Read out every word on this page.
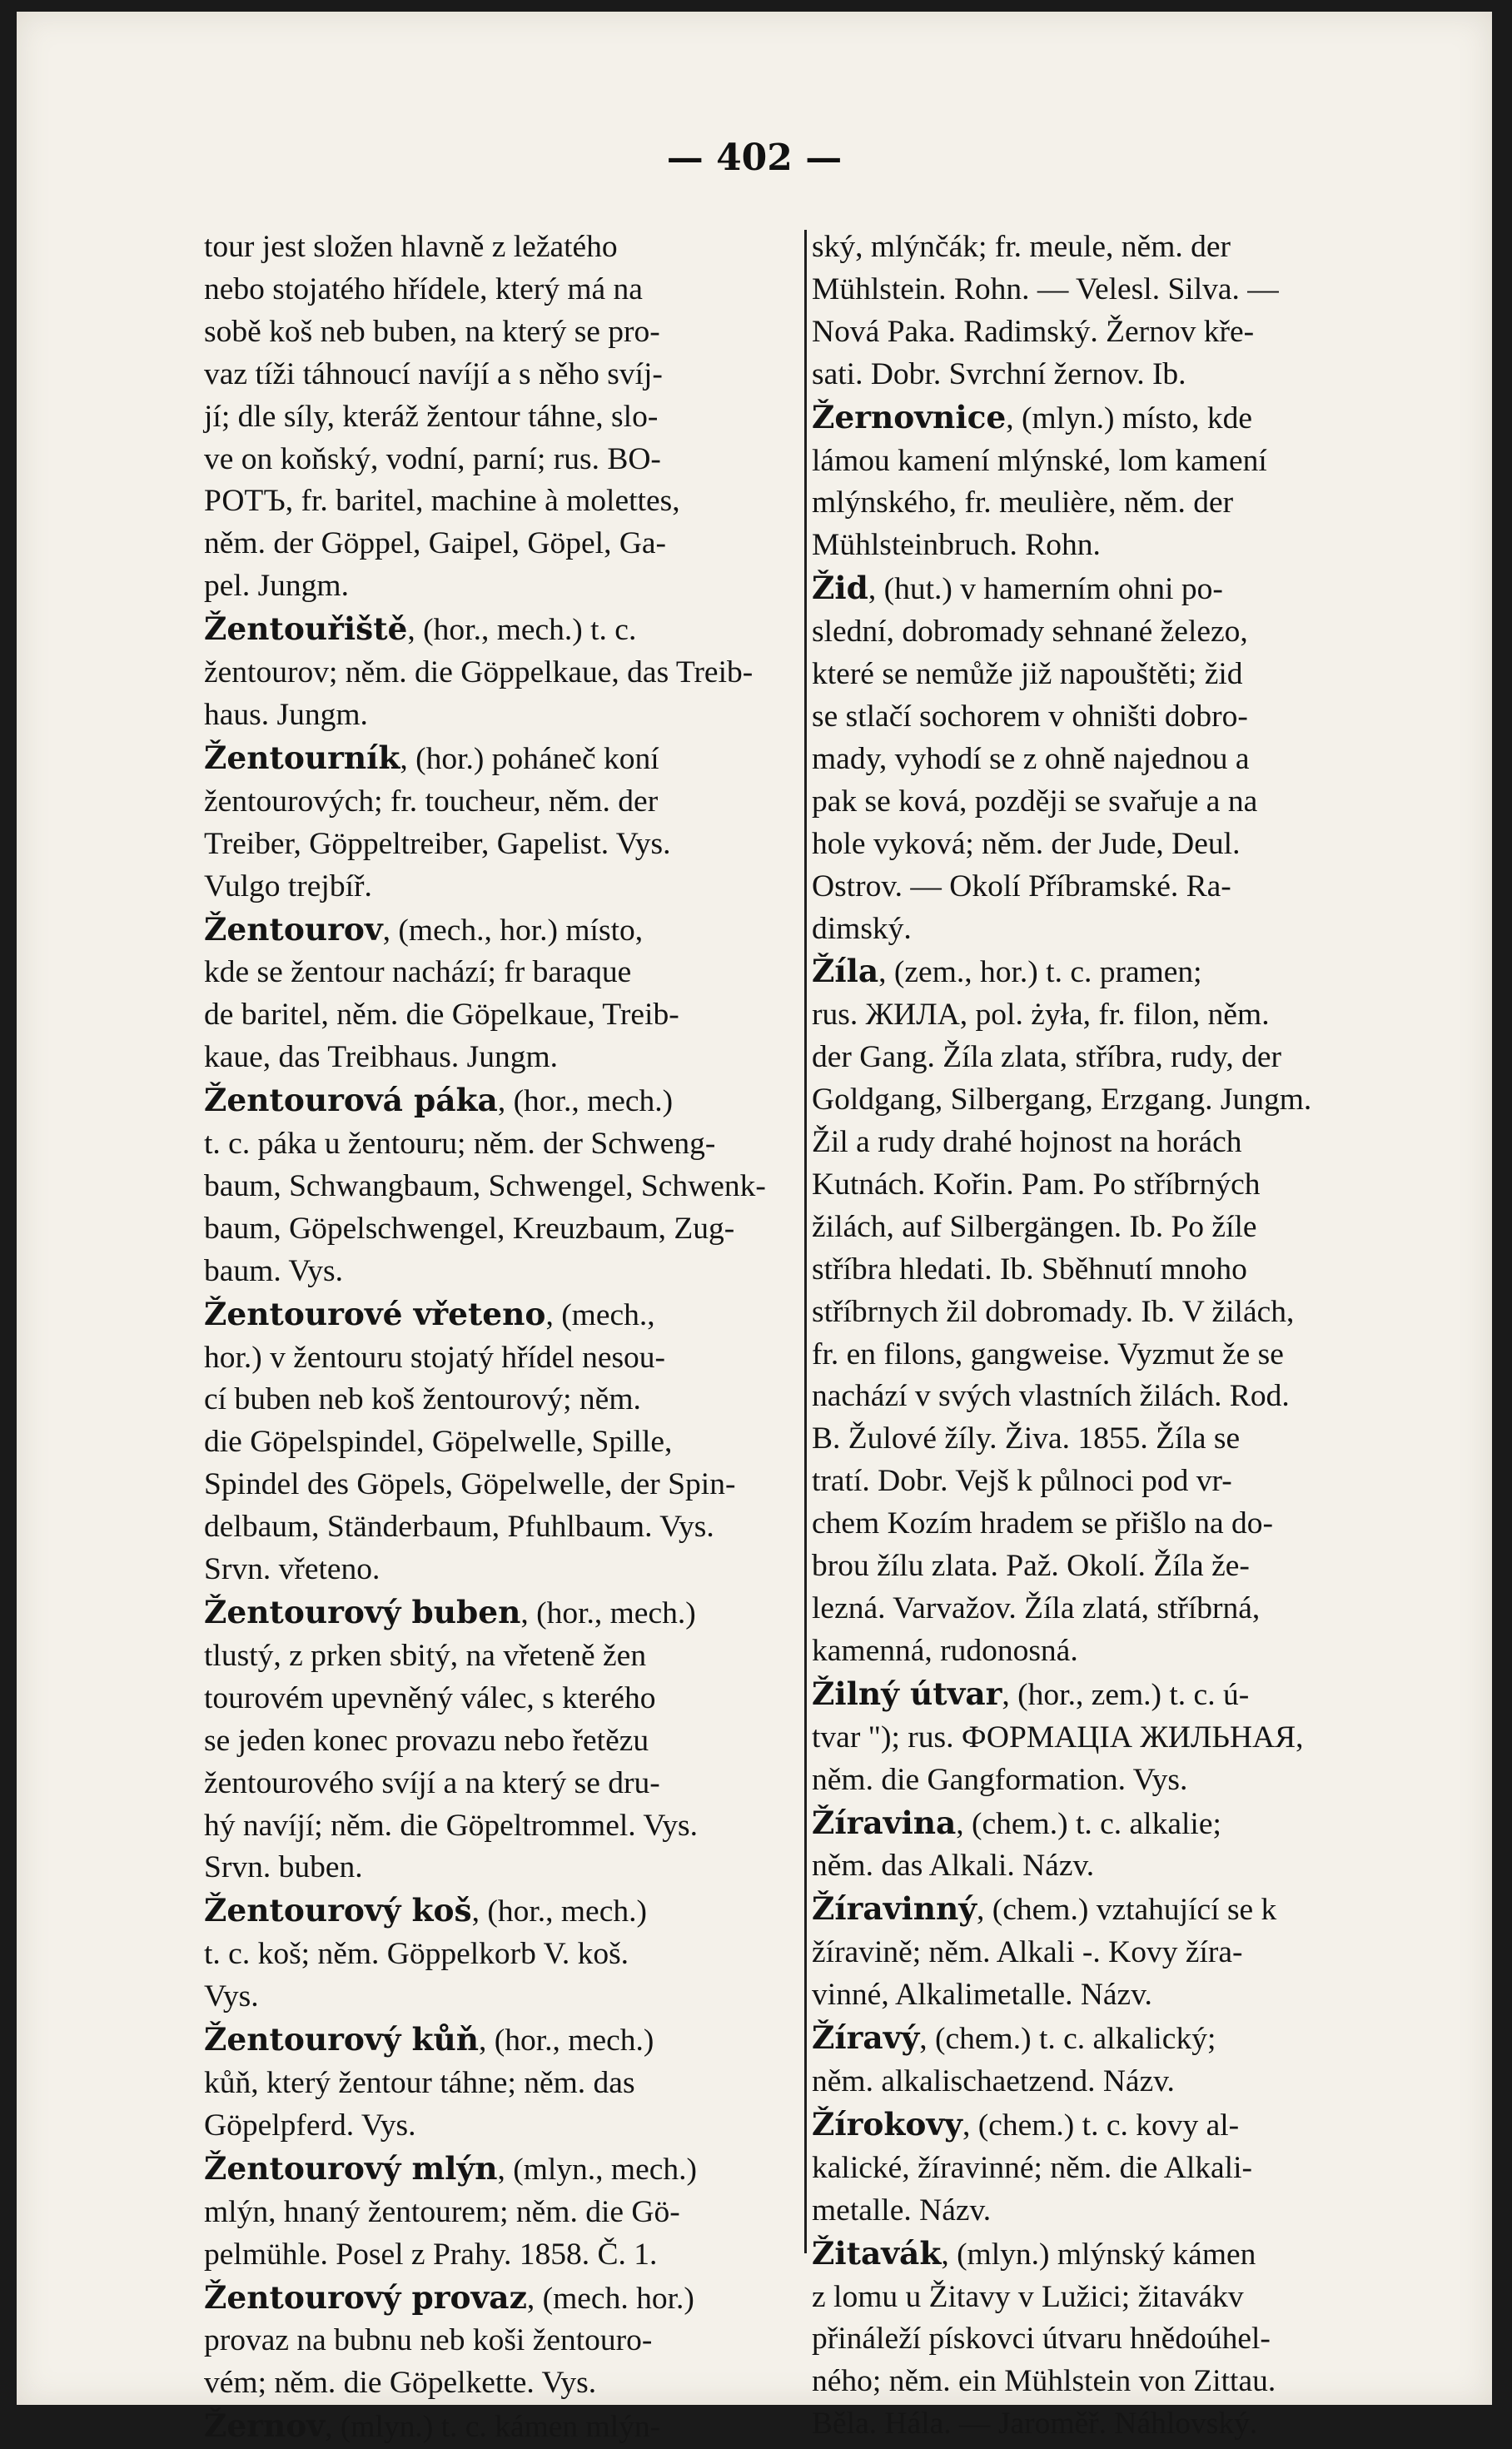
— 402 —
tour jest složen hlavně z ležatého
nebo stojatého hřídele, který má na
sobě koš neb buben, na který se pro-
vaz tíži táhnoucí navíjí a s něho svíj-
jí; dle síly, kteráž žentour táhne, slo-
ve on koňský, vodní, parní; rus. BO-
РОТЪ, fr. baritel, machine à molettes,
něm. der Göppel, Gaipel, Göpel, Ga-
pel. Jungm.
Žentouřiště, (hor., mech.) t. c.
žentourov; něm. die Göppelkaue, das Treib-
haus. Jungm.
Žentourník, (hor.) poháneč koní
žentourových; fr. toucheur, něm. der
Treiber, Göppeltreiber, Gapelist. Vys.
Vulgo trejbíř.
Žentourov, (mech., hor.) místo,
kde se žentour nachází; fr baraque
de baritel, něm. die Göpelkaue, Treib-
kaue, das Treibhaus. Jungm.
Žentourová páka, (hor., mech.)
t. c. páka u žentouru; něm. der Schweng-
baum, Schwangbaum, Schwengel, Schwenk-
baum, Göpelschwengel, Kreuzbaum, Zug-
baum. Vys.
Žentourové vřeteno, (mech.,
hor.) v žentouru stojatý hřídel nesou-
cí buben neb koš žentourový; něm.
die Göpelspindel, Göpelwelle, Spille,
Spindel des Göpels, Göpelwelle, der Spin-
delbaum, Ständerbaum, Pfuhlbaum. Vys.
Srvn. vřeteno.
Žentourový buben, (hor., mech.)
tlustý, z prken sbitý, na vřeteně žen
tourovém upevněný válec, s kterého
se jeden konec provazu nebo řetězu
žentourového svíjí a na který se dru-
hý navíjí; něm. die Göpeltrommel. Vys.
Srvn. buben.
Žentourový koš, (hor., mech.)
t. c. koš; něm. Göppelkorb V. koš.
Vys.
Žentourový kůň, (hor., mech.)
kůň, který žentour táhne; něm. das
Göpelpferd. Vys.
Žentourový mlýn, (mlyn., mech.)
mlýn, hnaný žentourem; něm. die Gö-
pelmühle. Posel z Prahy. 1858. Č. 1.
Žentourový provaz, (mech. hor.)
provaz na bubnu neb koši žentouro-
vém; něm. die Göpelkette. Vys.
Žernov, (mlyn.) t. c. kámen mlýn-
ský, mlýnčák; fr. meule, něm. der
Mühlstein. Rohn. — Velesl. Silva. —
Nová Paka. Radimský. Žernov kře-
sati. Dobr. Svrchní žernov. Ib.
Žernovnice, (mlyn.) místo, kde
lámou kamení mlýnské, lom kamení
mlýnského, fr. meulière, něm. der
Mühlsteinbruch. Rohn.
Žid, (hut.) v hamerním ohni po-
slední, dobromady sehnané železo,
které se nemůže již napouštěti; žid
se stlačí sochorem v ohništi dobro-
mady, vyhodí se z ohně najednou a
pak se ková, později se svařuje a na
hole vyková; něm. der Jude, Deul.
Ostrov. — Okolí Příbramské. Ra-
dimský.
Žíla, (zem., hor.) t. c. pramen;
rus. ЖИЛА, pol. żyła, fr. filon, něm.
der Gang. Žíla zlata, stříbra, rudy, der
Goldgang, Silbergang, Erzgang. Jungm.
Žil a rudy drahé hojnost na horách
Kutnách. Kořin. Pam. Po stříbrných
žilách, auf Silbergängen. Ib. Po žíle
stříbra hledati. Ib. Sběhnutí mnoho
stříbrnych žil dobromady. Ib. V žilách,
fr. en filons, gangweise. Vyzmut že se
nachází v svých vlastních žilách. Rod.
B. Žulové žíly. Živa. 1855. Žíla se
tratí. Dobr. Vejš k půlnoci pod vr-
chem Kozím hradem se přišlo na do-
brou žílu zlata. Paž. Okolí. Žíla že-
lezná. Varvažov. Žíla zlatá, stříbrná,
kamenná, rudonosná.
Žilný útvar, (hor., zem.) t. c. ú-
tvar "); rus. ФОРМАЦІА ЖИЛЬНАЯ,
něm. die Gangformation. Vys.
Žíravina, (chem.) t. c. alkalie;
něm. das Alkali. Názv.
Žíravinný, (chem.) vztahující se k
žíravině; něm. Alkali -. Kovy žíra-
vinné, Alkalimetalle. Názv.
Žíravý, (chem.) t. c. alkalický;
něm. alkalischaetzend. Názv.
Žírokovy, (chem.) t. c. kovy al-
kalické, žíravinné; něm. die Alkali-
metalle. Názv.
Žitavák, (mlyn.) mlýnský kámen
z lomu u Žitavy v Lužici; žitavákv
přináleží pískovci útvaru hnědoúhel-
ného; něm. ein Mühlstein von Zittau.
Běla. Hála. — Jaroměř. Náhlovský.
